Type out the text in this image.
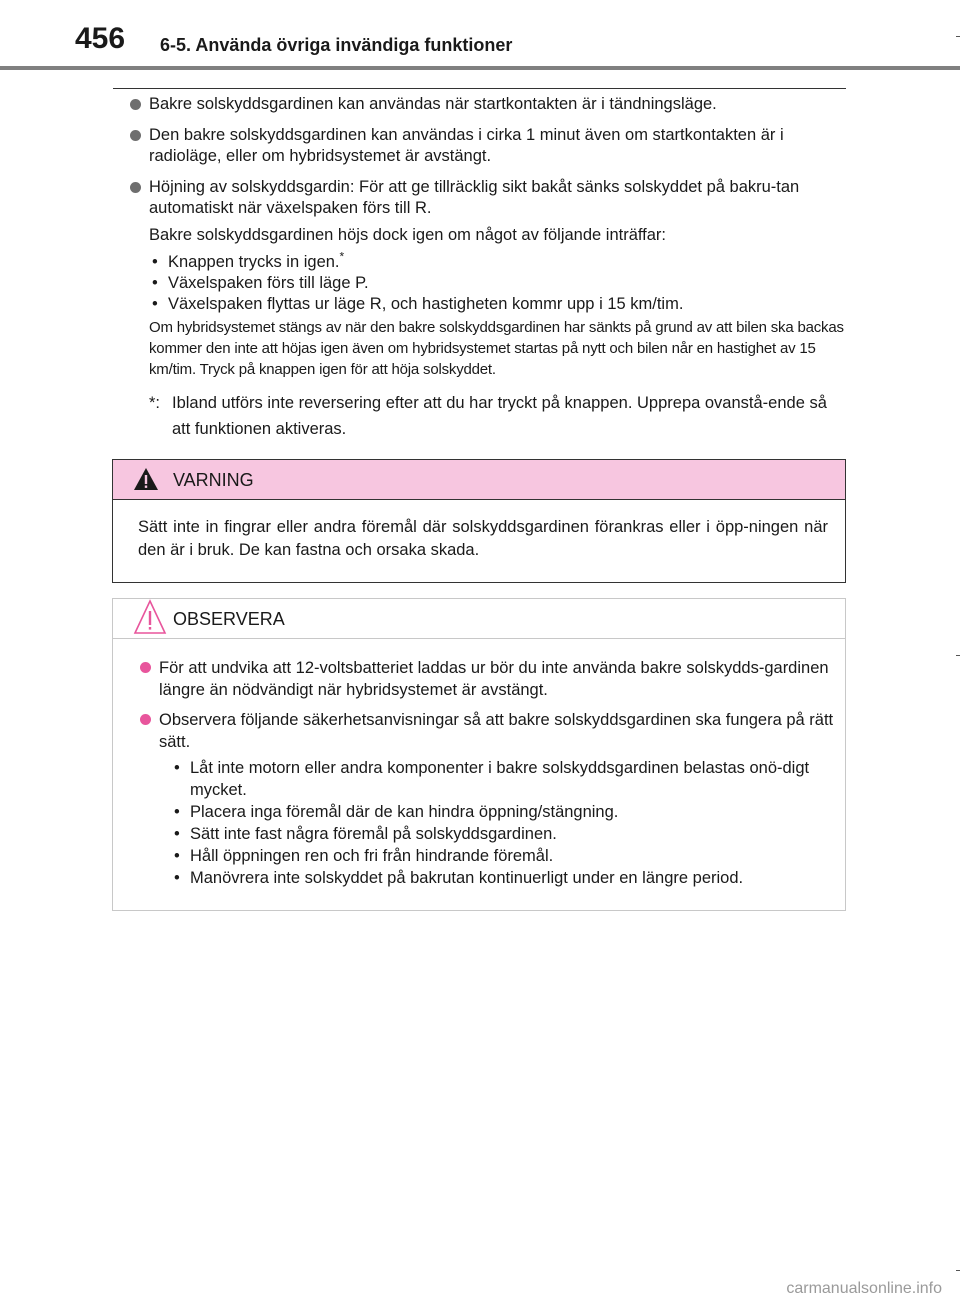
456 6-5. Använda övriga invändiga funktioner
Bakre solskyddsgardinen kan användas när startkontakten är i tändningsläge.
Den bakre solskyddsgardinen kan användas i cirka 1 minut även om startkontakten är i radioläge, eller om hybridsystemet är avstängt.
Höjning av solskyddsgardin: För att ge tillräcklig sikt bakåt sänks solskyddet på bakru-tan automatiskt när växelspaken förs till R.
Bakre solskyddsgardinen höjs dock igen om något av följande inträffar:
• Knappen trycks in igen.*
• Växelspaken förs till läge P.
• Växelspaken flyttas ur läge R, och hastigheten kommr upp i 15 km/tim.
Om hybridsystemet stängs av när den bakre solskyddsgardinen har sänkts på grund av att bilen ska backas kommer den inte att höjas igen även om hybridsystemet startas på nytt och bilen når en hastighet av 15 km/tim. Tryck på knappen igen för att höja solskyddet.
*: Ibland utförs inte reversering efter att du har tryckt på knappen. Upprepa ovanstå-ende så att funktionen aktiveras.
VARNING
Sätt inte in fingrar eller andra föremål där solskyddsgardinen förankras eller i öpp-ningen när den är i bruk. De kan fastna och orsaka skada.
OBSERVERA
För att undvika att 12-voltsbatteriet laddas ur bör du inte använda bakre solskydds-gardinen längre än nödvändigt när hybridsystemet är avstängt.
Observera följande säkerhetsanvisningar så att bakre solskyddsgardinen ska fungera på rätt sätt.
• Låt inte motorn eller andra komponenter i bakre solskyddsgardinen belastas onö-digt mycket.
• Placera inga föremål där de kan hindra öppning/stängning.
• Sätt inte fast några föremål på solskyddsgardinen.
• Håll öppningen ren och fri från hindrande föremål.
• Manövrera inte solskyddet på bakrutan kontinuerligt under en längre period.
carmanualsonline.info
